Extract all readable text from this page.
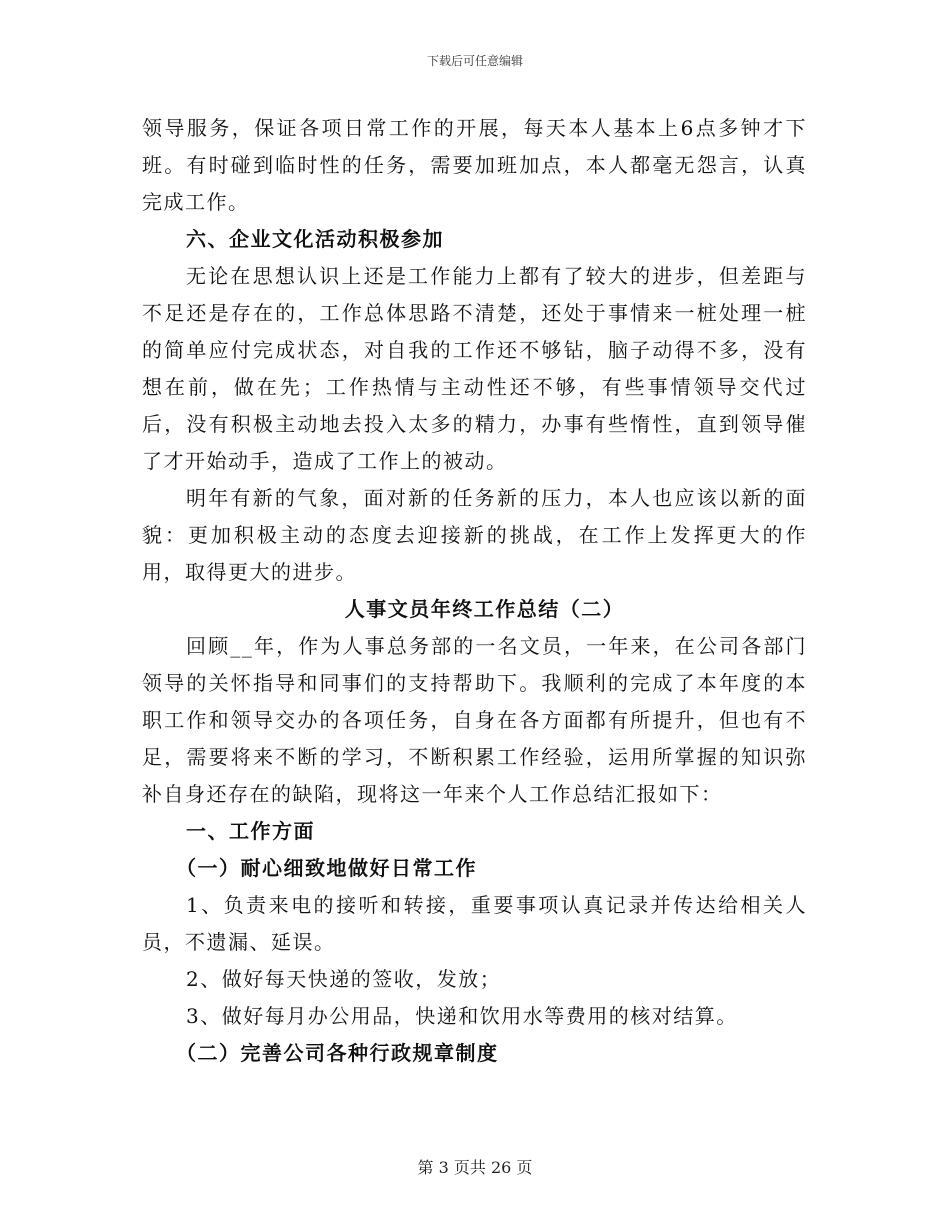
下载后可任意编辑

领导服务，保证各项日常工作的开展，每天本人基本上6点多钟才下班。有时碰到临时性的任务，需要加班加点，本人都毫无怨言，认真完成工作。

六、企业文化活动积极参加

无论在思想认识上还是工作能力上都有了较大的进步，但差距与不足还是存在的，工作总体思路不清楚，还处于事情来一桩处理一桩的简单应付完成状态，对自我的工作还不够钻，脑子动得不多，没有想在前，做在先；工作热情与主动性还不够，有些事情领导交代过后，没有积极主动地去投入太多的精力，办事有些惰性，直到领导催了才开始动手，造成了工作上的被动。

明年有新的气象，面对新的任务新的压力，本人也应该以新的面貌：更加积极主动的态度去迎接新的挑战，在工作上发挥更大的作用，取得更大的进步。

人事文员年终工作总结（二）

回顾__年，作为人事总务部的一名文员，一年来，在公司各部门领导的关怀指导和同事们的支持帮助下。我顺利的完成了本年度的本职工作和领导交办的各项任务，自身在各方面都有所提升，但也有不足，需要将来不断的学习，不断积累工作经验，运用所掌握的知识弥补自身还存在的缺陷，现将这一年来个人工作总结汇报如下：

一、工作方面
（一）耐心细致地做好日常工作

1、负责来电的接听和转接，重要事项认真记录并传达给相关人员，不遗漏、延误。

2、做好每天快递的签收，发放；

3、做好每月办公用品，快递和饮用水等费用的核对结算。

（二）完善公司各种行政规章制度
第 3 页共 26 页
